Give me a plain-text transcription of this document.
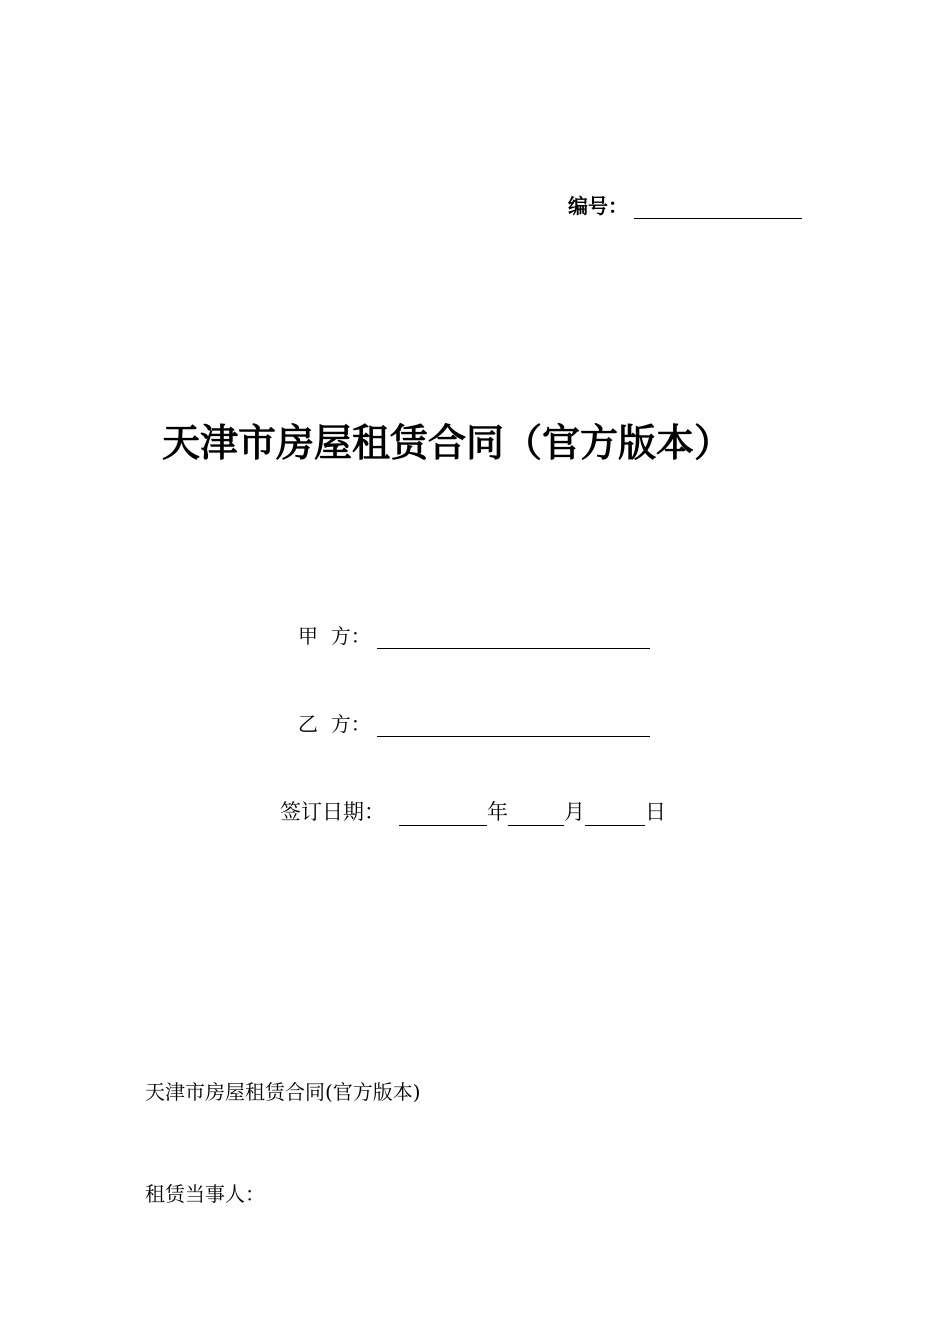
编号：
天津市房屋租赁合同（官方版本）
甲  方：
乙  方：
签订日期：	年	月	日
天津市房屋租赁合同(官方版本)
租赁当事人：
